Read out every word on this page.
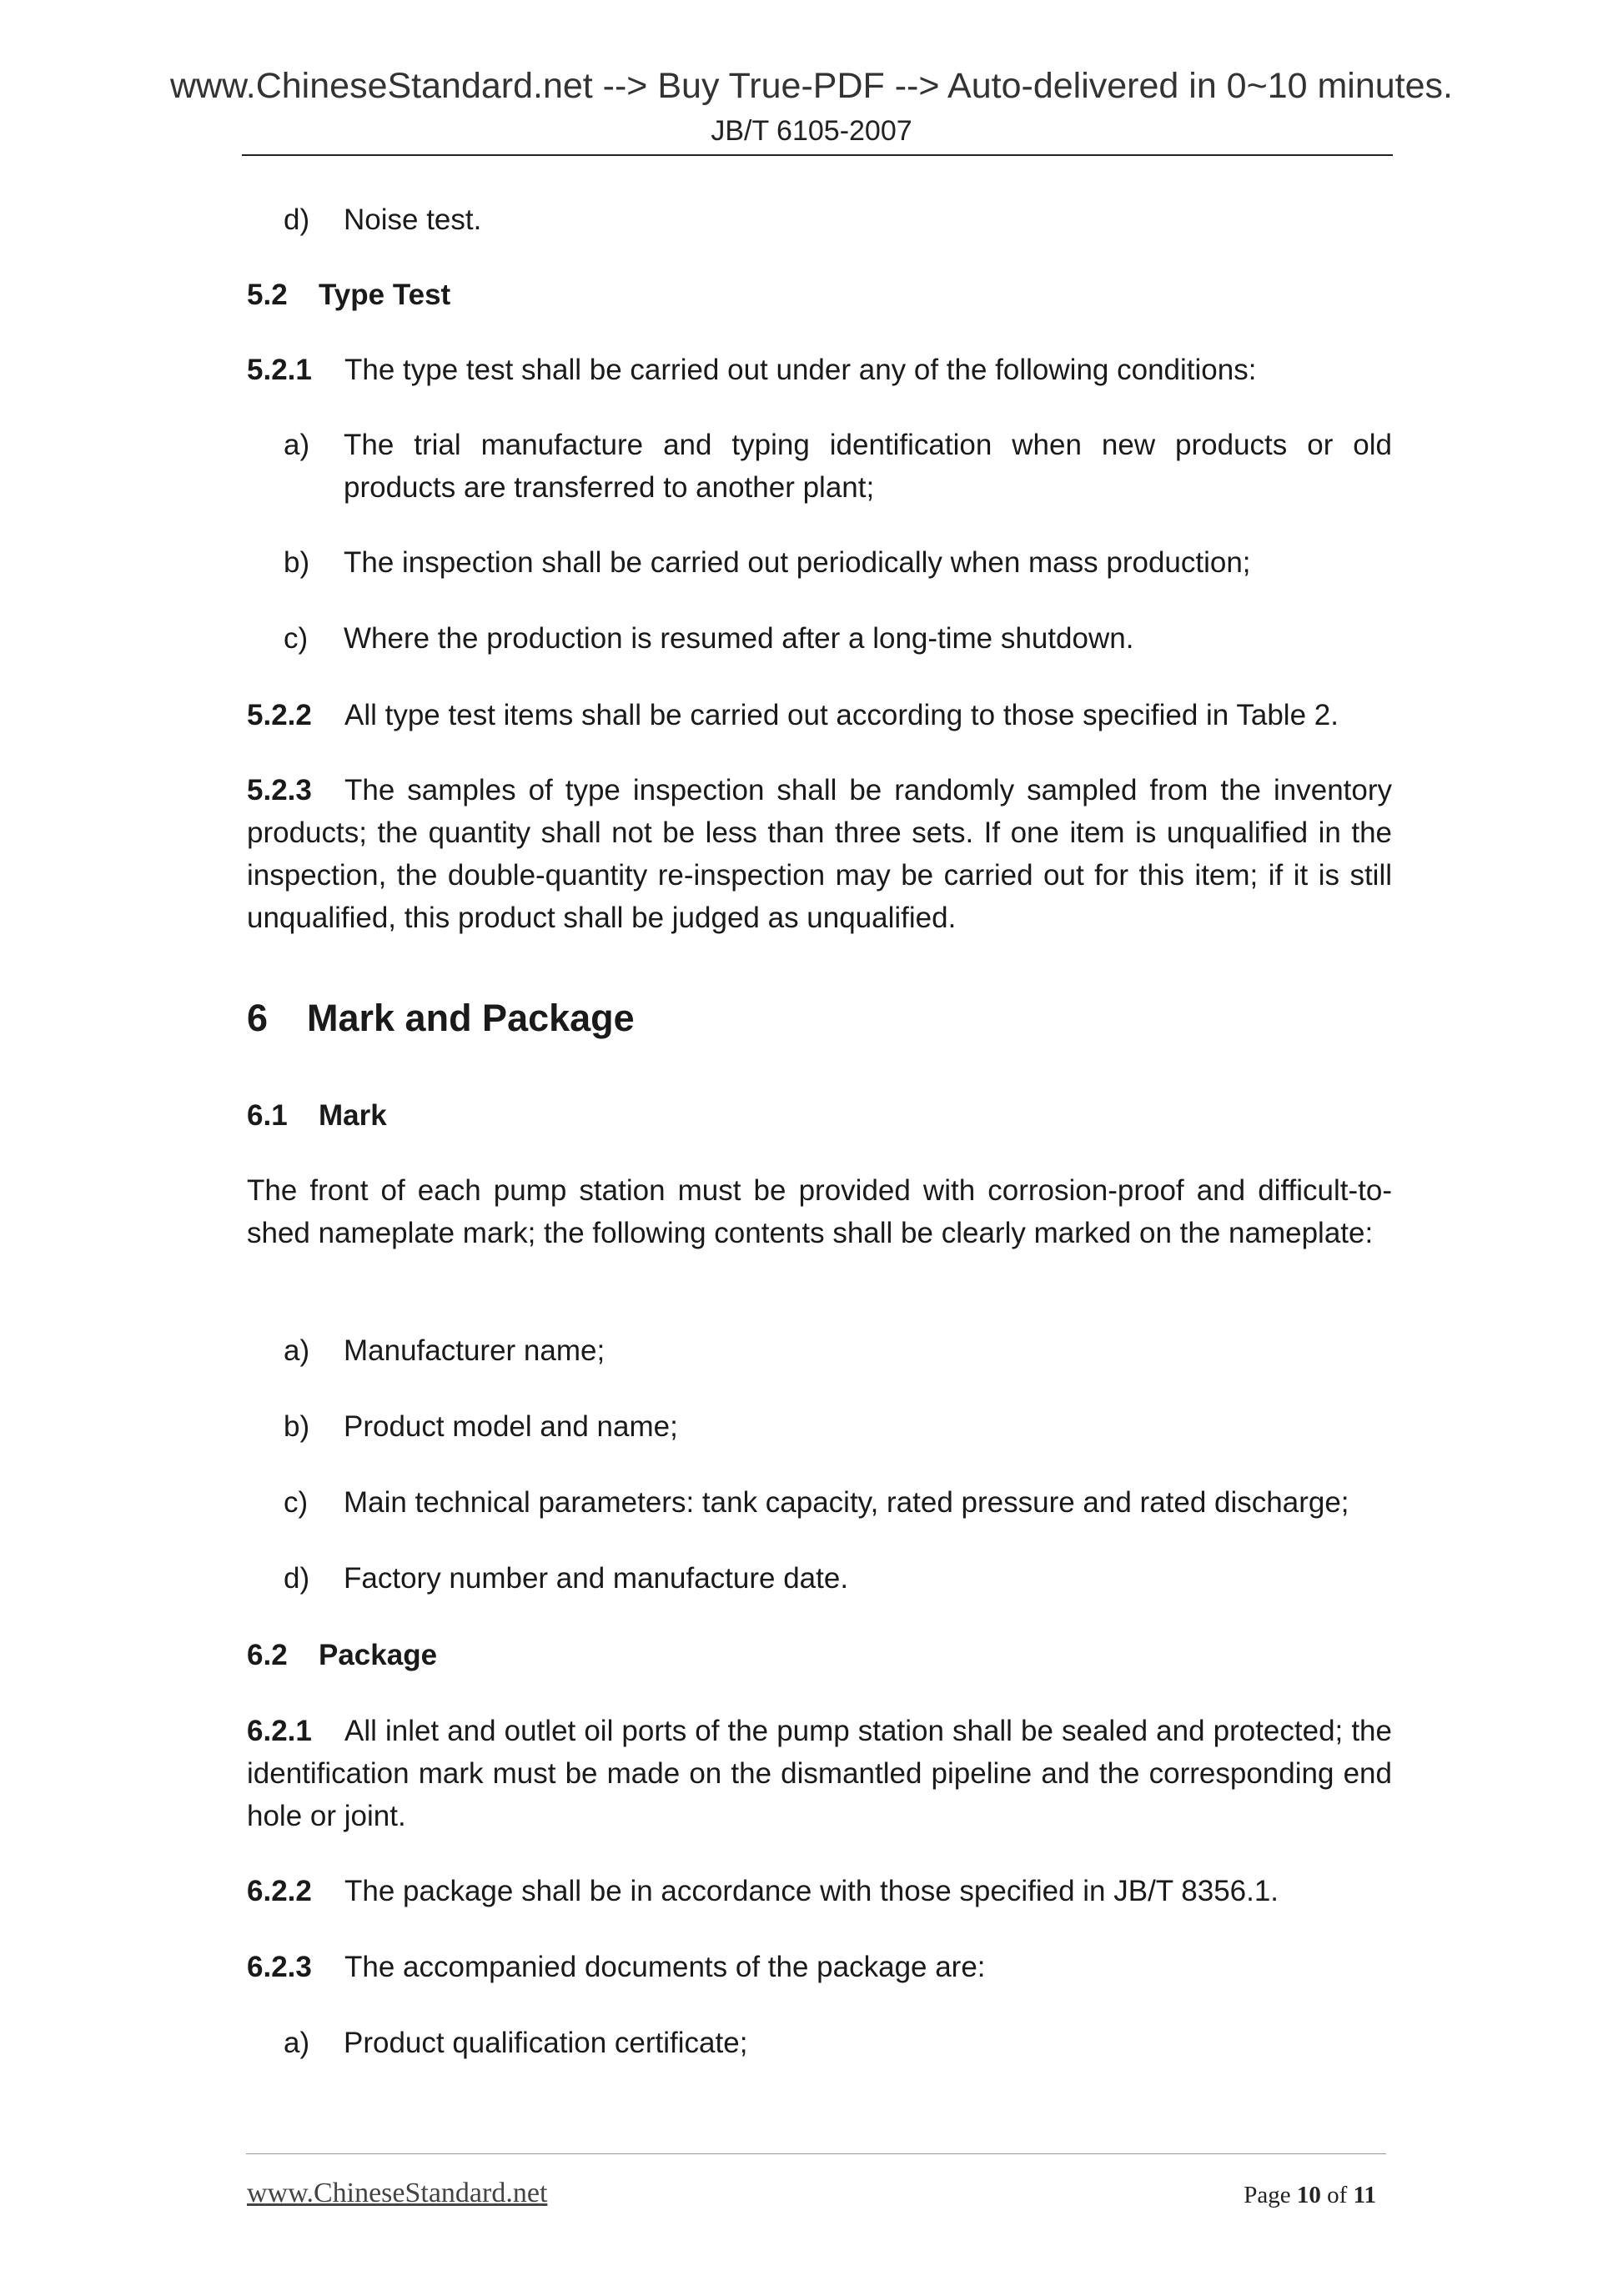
www.ChineseStandard.net --> Buy True-PDF --> Auto-delivered in 0~10 minutes.
JB/T 6105-2007
d) Noise test.
5.2 Type Test
5.2.1 The type test shall be carried out under any of the following conditions:
a) The trial manufacture and typing identification when new products or old products are transferred to another plant;
b) The inspection shall be carried out periodically when mass production;
c) Where the production is resumed after a long-time shutdown.
5.2.2 All type test items shall be carried out according to those specified in Table 2.
5.2.3 The samples of type inspection shall be randomly sampled from the inventory products; the quantity shall not be less than three sets. If one item is unqualified in the inspection, the double-quantity re-inspection may be carried out for this item; if it is still unqualified, this product shall be judged as unqualified.
6 Mark and Package
6.1 Mark
The front of each pump station must be provided with corrosion-proof and difficult-to-shed nameplate mark; the following contents shall be clearly marked on the nameplate:
a) Manufacturer name;
b) Product model and name;
c) Main technical parameters: tank capacity, rated pressure and rated discharge;
d) Factory number and manufacture date.
6.2 Package
6.2.1 All inlet and outlet oil ports of the pump station shall be sealed and protected; the identification mark must be made on the dismantled pipeline and the corresponding end hole or joint.
6.2.2 The package shall be in accordance with those specified in JB/T 8356.1.
6.2.3 The accompanied documents of the package are:
a) Product qualification certificate;
www.ChineseStandard.net	Page 10 of 11
